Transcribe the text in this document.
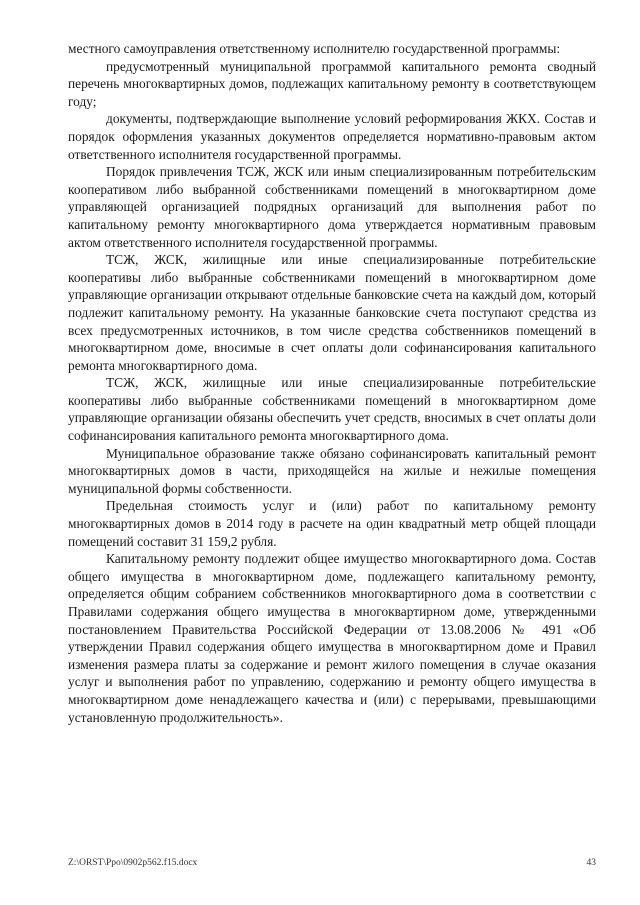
местного самоуправления ответственному исполнителю государственной программы:

предусмотренный муниципальной программой капитального ремонта сводный перечень многоквартирных домов, подлежащих капитальному ремонту в соответствующем году;

документы, подтверждающие выполнение условий реформирования ЖКХ. Состав и порядок оформления указанных документов определяется нормативно-правовым актом ответственного исполнителя государственной программы.

Порядок привлечения ТСЖ, ЖСК или иным специализированным потребительским кооперативом либо выбранной собственниками помещений в многоквартирном доме управляющей организацией подрядных организаций для выполнения работ по капитальному ремонту многоквартирного дома утверждается нормативным правовым актом ответственного исполнителя государственной программы.

ТСЖ, ЖСК, жилищные или иные специализированные потребительские кооперативы либо выбранные собственниками помещений в многоквартирном доме управляющие организации открывают отдельные банковские счета на каждый дом, который подлежит капитальному ремонту. На указанные банковские счета поступают средства из всех предусмотренных источников, в том числе средства собственников помещений в многоквартирном доме, вносимые в счет оплаты доли софинансирования капитального ремонта многоквартирного дома.

ТСЖ, ЖСК, жилищные или иные специализированные потребительские кооперативы либо выбранные собственниками помещений в многоквартирном доме управляющие организации обязаны обеспечить учет средств, вносимых в счет оплаты доли софинансирования капитального ремонта многоквартирного дома.

Муниципальное образование также обязано софинансировать капитальный ремонт многоквартирных домов в части, приходящейся на жилые и нежилые помещения муниципальной формы собственности.

Предельная стоимость услуг и (или) работ по капитальному ремонту многоквартирных домов в 2014 году в расчете на один квадратный метр общей площади помещений составит 31 159,2 рубля.

Капитальному ремонту подлежит общее имущество многоквартирного дома. Состав общего имущества в многоквартирном доме, подлежащего капитальному ремонту, определяется общим собранием собственников многоквартирного дома в соответствии с Правилами содержания общего имущества в многоквартирном доме, утвержденными постановлением Правительства Российской Федерации от 13.08.2006 № 491 «Об утверждении Правил содержания общего имущества в многоквартирном доме и Правил изменения размера платы за содержание и ремонт жилого помещения в случае оказания услуг и выполнения работ по управлению, содержанию и ремонту общего имущества в многоквартирном доме ненадлежащего качества и (или) с перерывами, превышающими установленную продолжительность».

Z:\ORST\Ppo\0902p562.f15.docx	43
